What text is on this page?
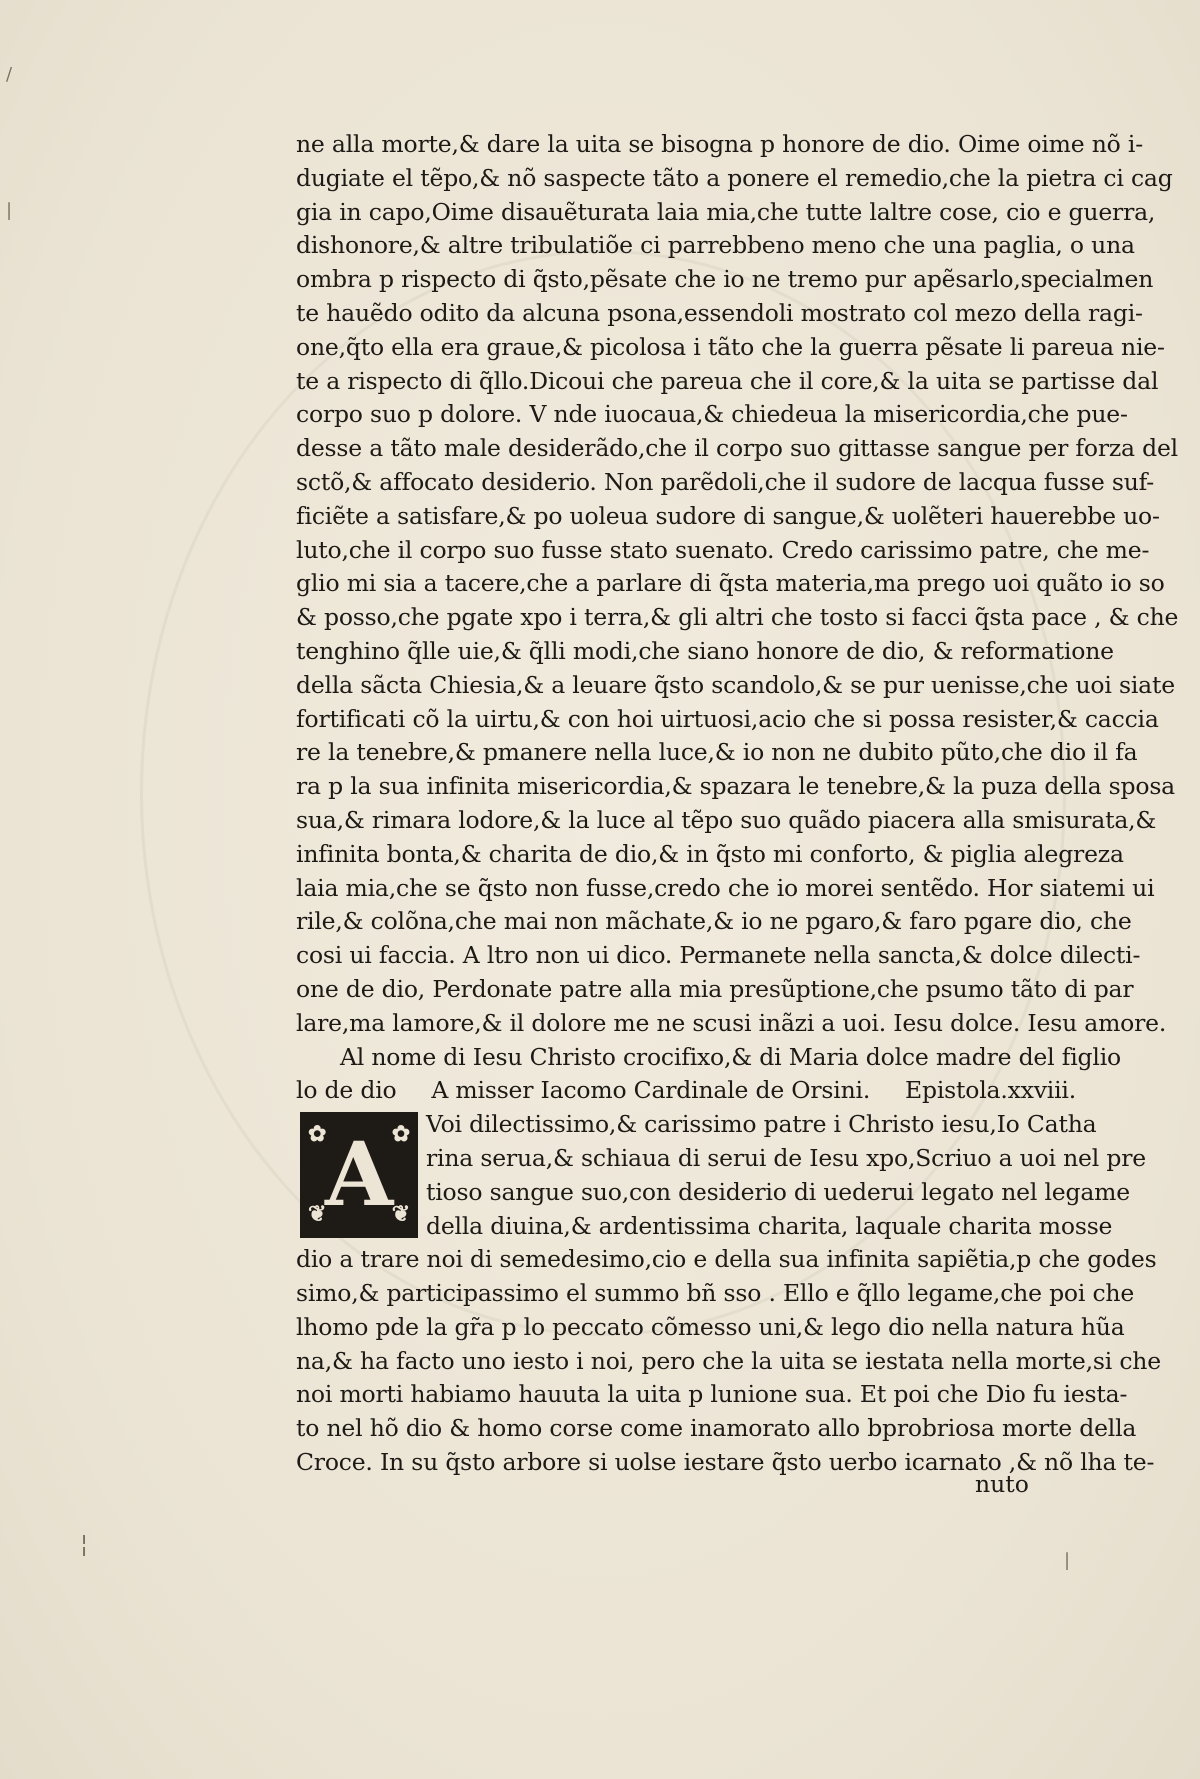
/
|
¦
|
ne alla morte,& dare la uita se bisogna p honore de dio. Oime oime nõ i-
dugiate el tẽpo,& nõ saspecte tãto a ponere el remedio,che la pietra ci cag
gia in capo,Oime disauẽturata laia mia,che tutte laltre cose, cio e guerra,
dishonore,& altre tribulatiõe ci parrebbeno meno che una paglia, o una
ombra p rispecto di q̃sto,pẽsate che io ne tremo pur apẽsarlo,specialmen
te hauẽdo odito da alcuna psona,essendoli mostrato col mezo della ragi-
one,q̃to ella era graue,& picolosa i tãto che la guerra pẽsate li pareua nie-
te a rispecto di q̃llo.Dicoui che pareua che il core,& la uita se partisse dal
corpo suo p dolore. V nde iuocaua,& chiedeua la misericordia,che pue-
desse a tãto male desiderãdo,che il corpo suo gittasse sangue per forza del
sctõ,& affocato desiderio. Non parẽdoli,che il sudore de lacqua fusse suf-
ficiẽte a satisfare,& po uoleua sudore di sangue,& uolẽteri hauerebbe uo-
luto,che il corpo suo fusse stato suenato. Credo carissimo patre, che me-
glio mi sia a tacere,che a parlare di q̃sta materia,ma prego uoi quãto io so
& posso,che pgate xpo i terra,& gli altri che tosto si facci q̃sta pace , & che
tenghino q̃lle uie,& q̃lli modi,che siano honore de dio, & reformatione
della sãcta Chiesia,& a leuare q̃sto scandolo,& se pur uenisse,che uoi siate
fortificati cõ la uirtu,& con hoi uirtuosi,acio che si possa resister,& caccia
re la tenebre,& pmanere nella luce,& io non ne dubito pũto,che dio il fa
ra p la sua infinita misericordia,& spazara le tenebre,& la puza della sposa
sua,& rimara lodore,& la luce al tẽpo suo quãdo piacera alla smisurata,&
infinita bonta,& charita de dio,& in q̃sto mi conforto, & piglia alegreza
laia mia,che se q̃sto non fusse,credo che io morei sentẽdo. Hor siatemi ui
rile,& colõna,che mai non mãchate,& io ne pgaro,& faro pgare dio, che
cosi ui faccia. A ltro non ui dico. Permanete nella sancta,& dolce dilecti-
one de dio, Perdonate patre alla mia presũptione,che psumo tãto di par
lare,ma lamore,& il dolore me ne scusi inãzi a uoi. Iesu dolce. Iesu amore.
Al nome di Iesu Christo crocifixo,& di Maria dolce madre del figlio
lo de dio A misser Iacomo Cardinale de Orsini. Epistola.xxviii.
✿	✿
❦	❦
A Voi dilectissimo,& carissimo patre i Christo iesu,Io Catha
rina serua,& schiaua di serui de Iesu xpo,Scriuo a uoi nel pre
tioso sangue suo,con desiderio di uederui legato nel legame
della diuina,& ardentissima charita, laquale charita mosse
dio a trare noi di semedesimo,cio e della sua infinita sapiẽtia,p che godes
simo,& participassimo el summo bñ sso . Ello e q̃llo legame,che poi che
lhomo pde la gr̃a p lo peccato cõmesso uni,& lego dio nella natura hũa
na,& ha facto uno iesto i noi, pero che la uita se iestata nella morte,si che
noi morti habiamo hauuta la uita p lunione sua. Et poi che Dio fu iesta-
to nel hõ dio & homo corse come inamorato allo bprobriosa morte della
Croce. In su q̃sto arbore si uolse iestare q̃sto uerbo icarnato ,& nõ lha te-
nuto
